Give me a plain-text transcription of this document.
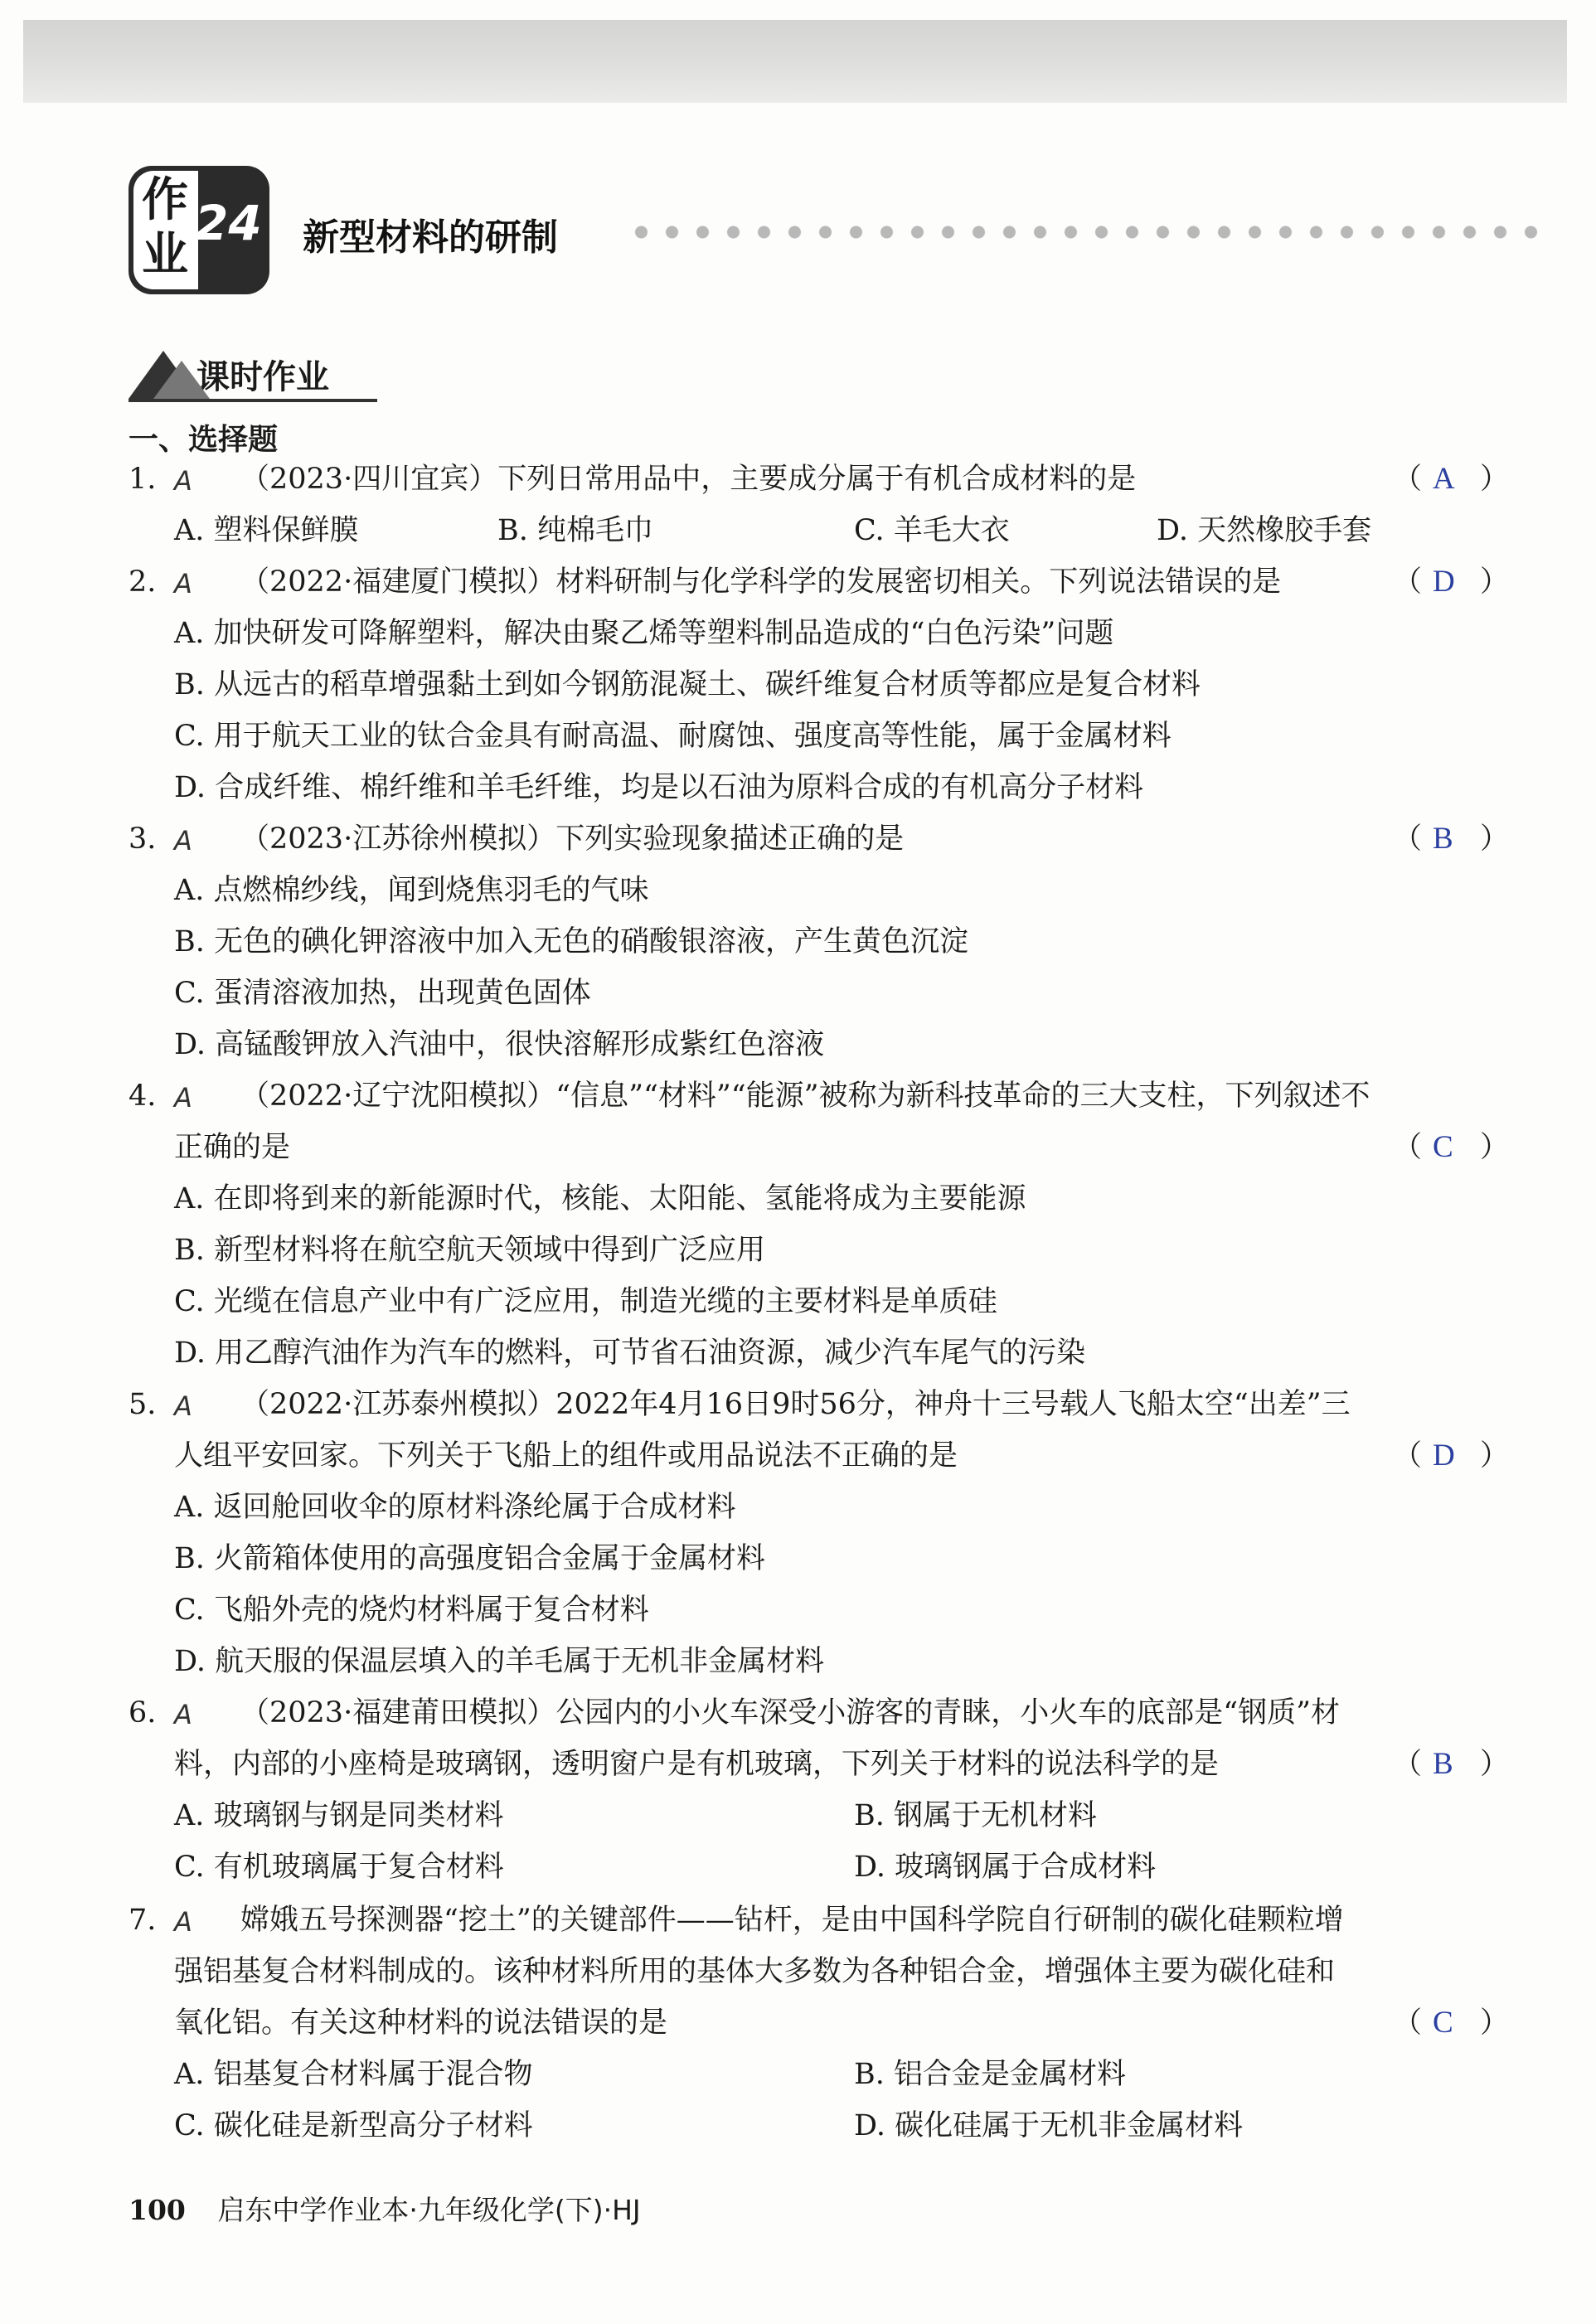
作
业
24 新型材料的研制
课时作业
一、选择题
1. A （2023·四川宜宾）下列日常用品中，主要成分属于有机合成材料的是	（ A ）
A. 塑料保鲜膜	B. 纯棉毛巾	C. 羊毛大衣	D. 天然橡胶手套
2. A （2022·福建厦门模拟）材料研制与化学科学的发展密切相关。下列说法错误的是	（ D ）
A. 加快研发可降解塑料，解决由聚乙烯等塑料制品造成的“白色污染”问题
B. 从远古的稻草增强黏土到如今钢筋混凝土、碳纤维复合材质等都应是复合材料
C. 用于航天工业的钛合金具有耐高温、耐腐蚀、强度高等性能，属于金属材料
D. 合成纤维、棉纤维和羊毛纤维，均是以石油为原料合成的有机高分子材料
3. A （2023·江苏徐州模拟）下列实验现象描述正确的是	（ B ）
A. 点燃棉纱线，闻到烧焦羽毛的气味
B. 无色的碘化钾溶液中加入无色的硝酸银溶液，产生黄色沉淀
C. 蛋清溶液加热，出现黄色固体
D. 高锰酸钾放入汽油中，很快溶解形成紫红色溶液
4. A （2022·辽宁沈阳模拟）“信息”“材料”“能源”被称为新科技革命的三大支柱，下列叙述不
正确的是	（ C ）
A. 在即将到来的新能源时代，核能、太阳能、氢能将成为主要能源
B. 新型材料将在航空航天领域中得到广泛应用
C. 光缆在信息产业中有广泛应用，制造光缆的主要材料是单质硅
D. 用乙醇汽油作为汽车的燃料，可节省石油资源，减少汽车尾气的污染
5. A （2022·江苏泰州模拟）2022年4月16日9时56分，神舟十三号载人飞船太空“出差”三
人组平安回家。下列关于飞船上的组件或用品说法不正确的是	（ D ）
A. 返回舱回收伞的原材料涤纶属于合成材料
B. 火箭箱体使用的高强度铝合金属于金属材料
C. 飞船外壳的烧灼材料属于复合材料
D. 航天服的保温层填入的羊毛属于无机非金属材料
6. A （2023·福建莆田模拟）公园内的小火车深受小游客的青睐，小火车的底部是“钢质”材
料，内部的小座椅是玻璃钢，透明窗户是有机玻璃，下列关于材料的说法科学的是	（ B ）
A. 玻璃钢与钢是同类材料	B. 钢属于无机材料
C. 有机玻璃属于复合材料	D. 玻璃钢属于合成材料
7. A 嫦娥五号探测器“挖土”的关键部件——钻杆，是由中国科学院自行研制的碳化硅颗粒增
强铝基复合材料制成的。该种材料所用的基体大多数为各种铝合金，增强体主要为碳化硅和
氧化铝。有关这种材料的说法错误的是	（ C ）
A. 铝基复合材料属于混合物	B. 铝合金是金属材料
C. 碳化硅是新型高分子材料	D. 碳化硅属于无机非金属材料
100 启东中学作业本·九年级化学(下)·HJ
